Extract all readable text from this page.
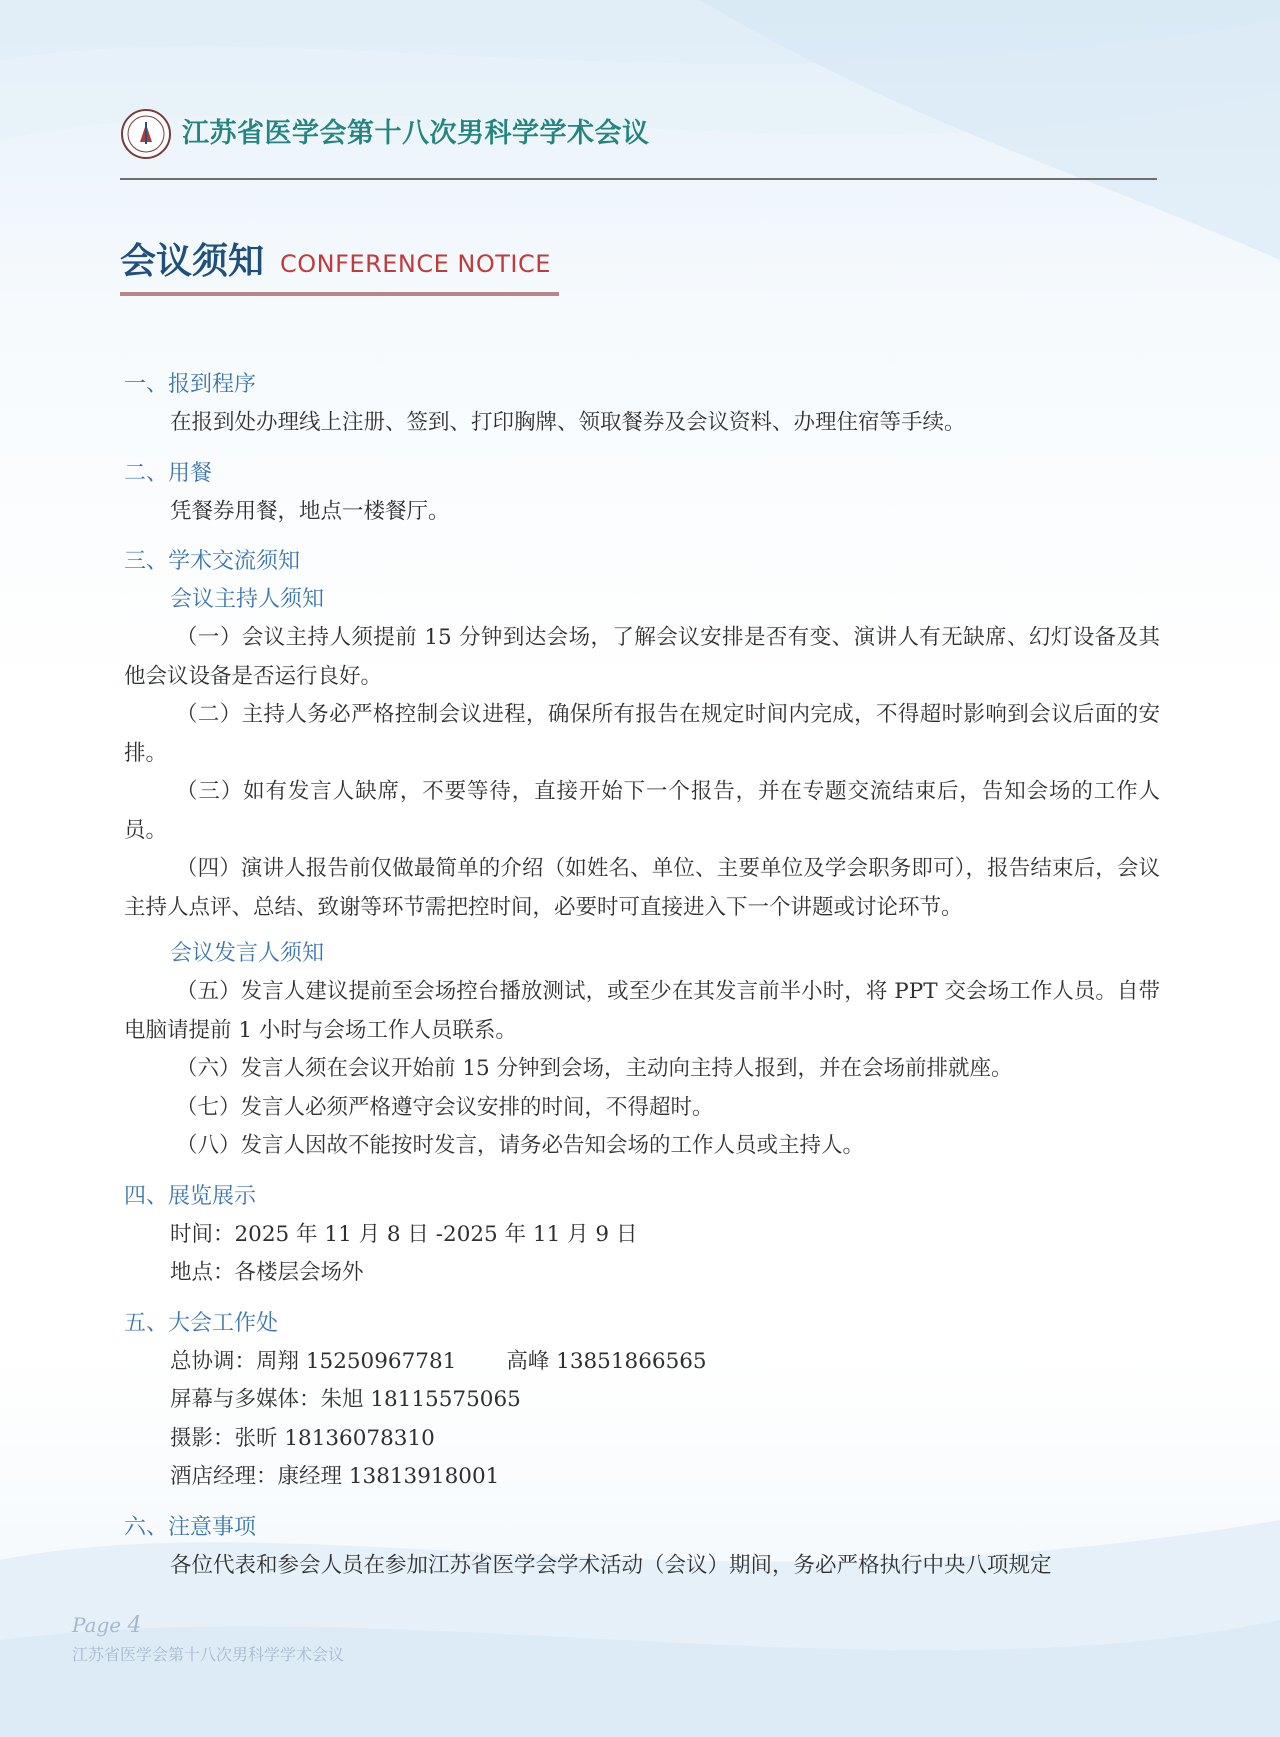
江苏省医学会第十八次男科学学术会议
会议须知 CONFERENCE NOTICE
一、报到程序
在报到处办理线上注册、签到、打印胸牌、领取餐券及会议资料、办理住宿等手续。
二、用餐
凭餐券用餐，地点一楼餐厅。
三、学术交流须知
会议主持人须知
（一）会议主持人须提前 15 分钟到达会场，了解会议安排是否有变、演讲人有无缺席、幻灯设备及其他会议设备是否运行良好。
（二）主持人务必严格控制会议进程，确保所有报告在规定时间内完成，不得超时影响到会议后面的安排。
（三）如有发言人缺席，不要等待，直接开始下一个报告，并在专题交流结束后，告知会场的工作人员。
（四）演讲人报告前仅做最简单的介绍（如姓名、单位、主要单位及学会职务即可），报告结束后，会议主持人点评、总结、致谢等环节需把控时间，必要时可直接进入下一个讲题或讨论环节。
会议发言人须知
（五）发言人建议提前至会场控台播放测试，或至少在其发言前半小时，将 PPT 交会场工作人员。自带电脑请提前 1 小时与会场工作人员联系。
（六）发言人须在会议开始前 15 分钟到会场，主动向主持人报到，并在会场前排就座。
（七）发言人必须严格遵守会议安排的时间，不得超时。
（八）发言人因故不能按时发言，请务必告知会场的工作人员或主持人。
四、展览展示
时间：2025 年 11 月 8 日 -2025 年 11 月 9 日
地点：各楼层会场外
五、大会工作处
总协调：周翔 15250967781 高峰 13851866565
屏幕与多媒体：朱旭 18115575065
摄影：张昕 18136078310
酒店经理：康经理 13813918001
六、注意事项
各位代表和参会人员在参加江苏省医学会学术活动（会议）期间，务必严格执行中央八项规定
Page 4
江苏省医学会第十八次男科学学术会议
